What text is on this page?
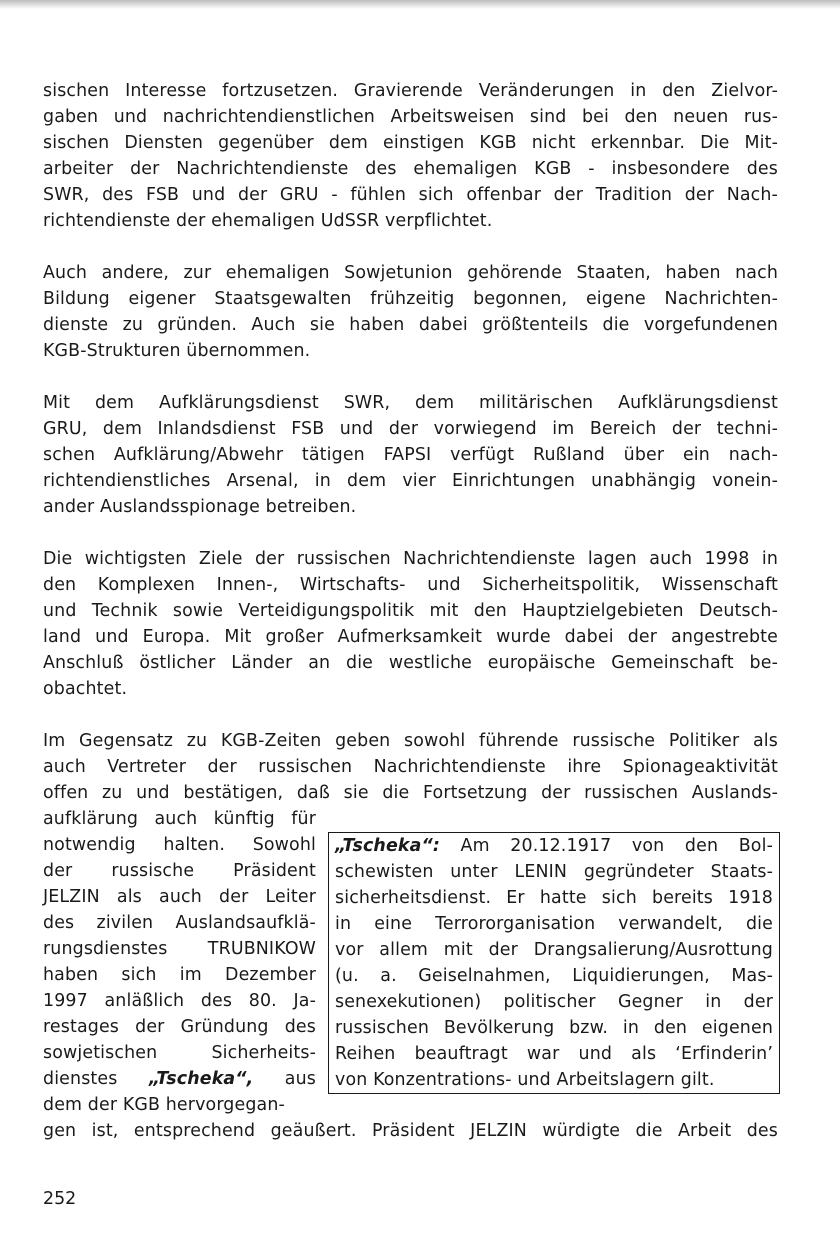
sischen Interesse fortzusetzen. Gravierende Veränderungen in den Zielvor-
gaben und nachrichtendienstlichen Arbeitsweisen sind bei den neuen rus-
sischen Diensten gegenüber dem einstigen KGB nicht erkennbar. Die Mit-
arbeiter der Nachrichtendienste des ehemaligen KGB - insbesondere des
SWR, des FSB und der GRU - fühlen sich offenbar der Tradition der Nach-
richtendienste der ehemaligen UdSSR verpflichtet.

Auch andere, zur ehemaligen Sowjetunion gehörende Staaten, haben nach
Bildung eigener Staatsgewalten frühzeitig begonnen, eigene Nachrichten-
dienste zu gründen. Auch sie haben dabei größtenteils die vorgefundenen
KGB-Strukturen übernommen.

Mit dem Aufklärungsdienst SWR, dem militärischen Aufklärungsdienst
GRU, dem Inlandsdienst FSB und der vorwiegend im Bereich der techni-
schen Aufklärung/Abwehr tätigen FAPSI verfügt Rußland über ein nach-
richtendienstliches Arsenal, in dem vier Einrichtungen unabhängig vonein-
ander Auslandsspionage betreiben.

Die wichtigsten Ziele der russischen Nachrichtendienste lagen auch 1998 in
den Komplexen Innen-, Wirtschafts- und Sicherheitspolitik, Wissenschaft
und Technik sowie Verteidigungspolitik mit den Hauptzielgebieten Deutsch-
land und Europa. Mit großer Aufmerksamkeit wurde dabei der angestrebte
Anschluß östlicher Länder an die westliche europäische Gemeinschaft be-
obachtet.

Im Gegensatz zu KGB-Zeiten geben sowohl führende russische Politiker als
auch Vertreter der russischen Nachrichtendienste ihre Spionageaktivität
offen zu und bestätigen, daß sie die Fortsetzung der russischen Auslands-
aufklärung auch künftig für
notwendig halten. Sowohl
der russische Präsident
JELZIN als auch der Leiter
des zivilen Auslandsaufklä-
rungsdienstes TRUBNIKOW
haben sich im Dezember
1997 anläßlich des 80. Ja-
restages der Gründung des
sowjetischen Sicherheits-
dienstes „Tscheka“, aus
„Tscheka“: Am 20.12.1917 von den Bol-
schewisten unter LENIN gegründeter Staats-
sicherheitsdienst. Er hatte sich bereits 1918
in eine Terrororganisation verwandelt, die
vor allem mit der Drangsalierung/Ausrottung
(u. a. Geiselnahmen, Liquidierungen, Mas-
senexekutionen) politischer Gegner in der
russischen Bevölkerung bzw. in den eigenen
Reihen beauftragt war und als ‘Erfinderin’
von Konzentrations- und Arbeitslagern gilt.
dem der KGB hervorgegan-
gen ist, entsprechend geäußert. Präsident JELZIN würdigte die Arbeit des
252
